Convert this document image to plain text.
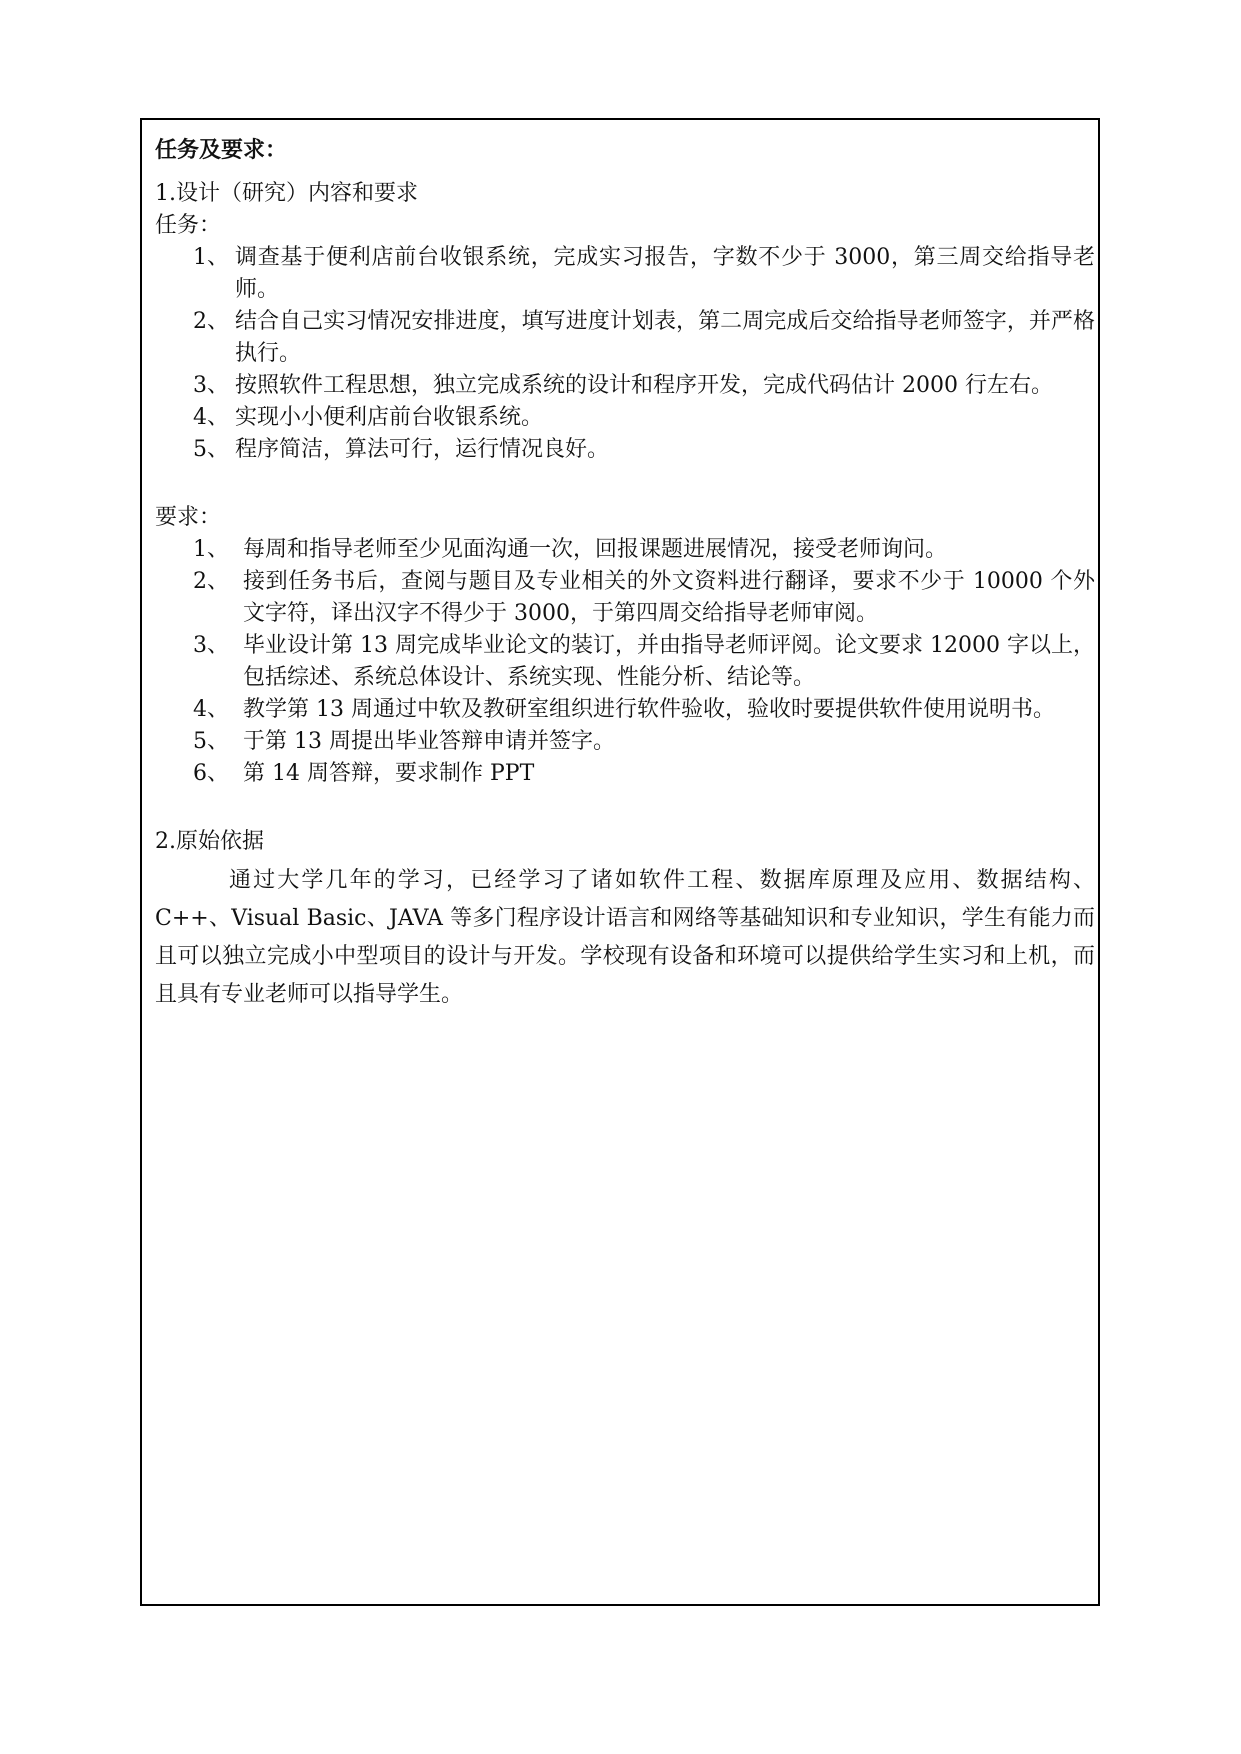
任务及要求：
1.设计（研究）内容和要求
任务：
1、 调查基于便利店前台收银系统，完成实习报告，字数不少于 3000，第三周交给指导老师。
2、 结合自己实习情况安排进度，填写进度计划表，第二周完成后交给指导老师签字，并严格执行。
3、 按照软件工程思想，独立完成系统的设计和程序开发，完成代码估计 2000 行左右。
4、 实现小小便利店前台收银系统。
5、 程序简洁，算法可行，运行情况良好。
要求：
1、 每周和指导老师至少见面沟通一次，回报课题进展情况，接受老师询问。
2、 接到任务书后，查阅与题目及专业相关的外文资料进行翻译，要求不少于 10000 个外文字符，译出汉字不得少于 3000，于第四周交给指导老师审阅。
3、 毕业设计第 13 周完成毕业论文的装订，并由指导老师评阅。论文要求 12000 字以上，包括综述、系统总体设计、系统实现、性能分析、结论等。
4、 教学第 13 周通过中软及教研室组织进行软件验收，验收时要提供软件使用说明书。
5、 于第 13 周提出毕业答辩申请并签字。
6、 第 14 周答辩，要求制作 PPT
2.原始依据
通过大学几年的学习，已经学习了诸如软件工程、数据库原理及应用、数据结构、C++、Visual Basic、JAVA 等多门程序设计语言和网络等基础知识和专业知识，学生有能力而且可以独立完成小中型项目的设计与开发。学校现有设备和环境可以提供给学生实习和上机，而且具有专业老师可以指导学生。
